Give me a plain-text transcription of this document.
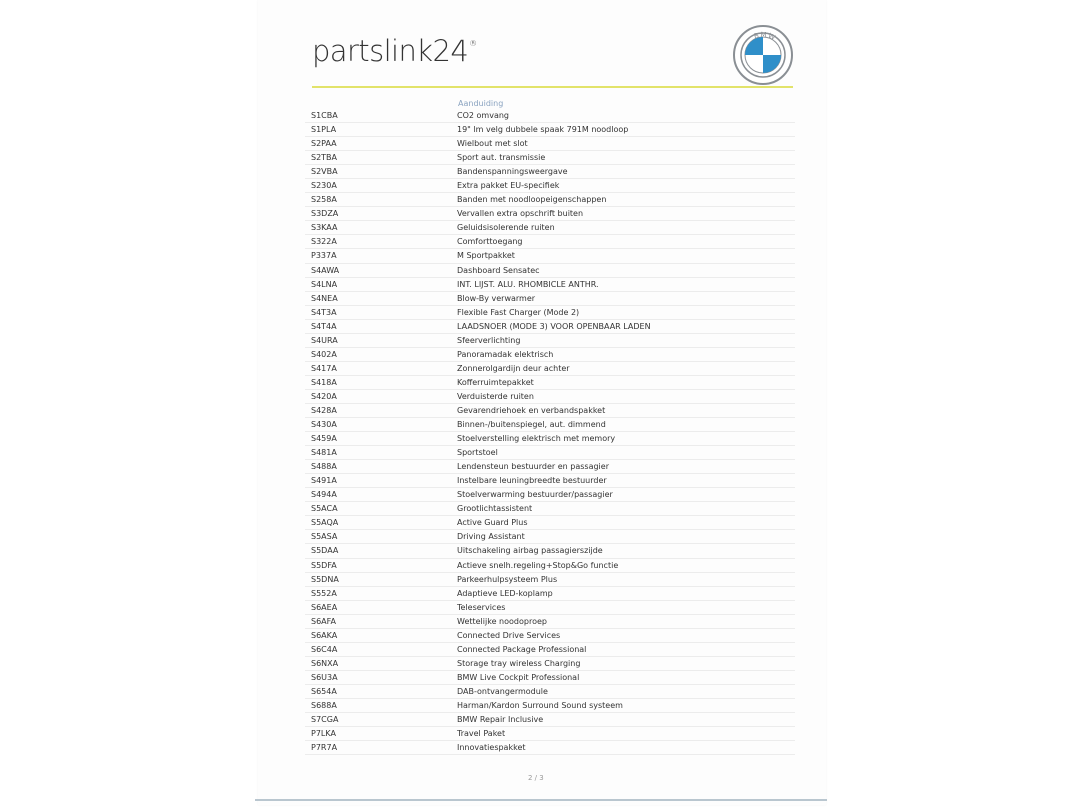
partslink24®
BMW
Aanduiding
S1CBA	CO2 omvang
S1PLA	19" lm velg dubbele spaak 791M noodloop
S2PAA	Wielbout met slot
S2TBA	Sport aut. transmissie
S2VBA	Bandenspanningsweergave
S230A	Extra pakket EU-specifiek
S258A	Banden met noodloopeigenschappen
S3DZA	Vervallen extra opschrift buiten
S3KAA	Geluidsisolerende ruiten
S322A	Comforttoegang
P337A	M Sportpakket
S4AWA	Dashboard Sensatec
S4LNA	INT. LIJST. ALU. RHOMBICLE ANTHR.
S4NEA	Blow-By verwarmer
S4T3A	Flexible Fast Charger (Mode 2)
S4T4A	LAADSNOER (MODE 3) VOOR OPENBAAR LADEN
S4URA	Sfeerverlichting
S402A	Panoramadak elektrisch
S417A	Zonnerolgardijn deur achter
S418A	Kofferruimtepakket
S420A	Verduisterde ruiten
S428A	Gevarendriehoek en verbandspakket
S430A	Binnen-/buitenspiegel, aut. dimmend
S459A	Stoelverstelling elektrisch met memory
S481A	Sportstoel
S488A	Lendensteun bestuurder en passagier
S491A	Instelbare leuningbreedte bestuurder
S494A	Stoelverwarming bestuurder/passagier
S5ACA	Grootlichtassistent
S5AQA	Active Guard Plus
S5ASA	Driving Assistant
S5DAA	Uitschakeling airbag passagierszijde
S5DFA	Actieve snelh.regeling+Stop&Go functie
S5DNA	Parkeerhulpsysteem Plus
S552A	Adaptieve LED-koplamp
S6AEA	Teleservices
S6AFA	Wettelijke noodoproep
S6AKA	Connected Drive Services
S6C4A	Connected Package Professional
S6NXA	Storage tray wireless Charging
S6U3A	BMW Live Cockpit Professional
S654A	DAB-ontvangermodule
S688A	Harman/Kardon Surround Sound systeem
S7CGA	BMW Repair Inclusive
P7LKA	Travel Paket
P7R7A	Innovatiespakket
2 / 3
